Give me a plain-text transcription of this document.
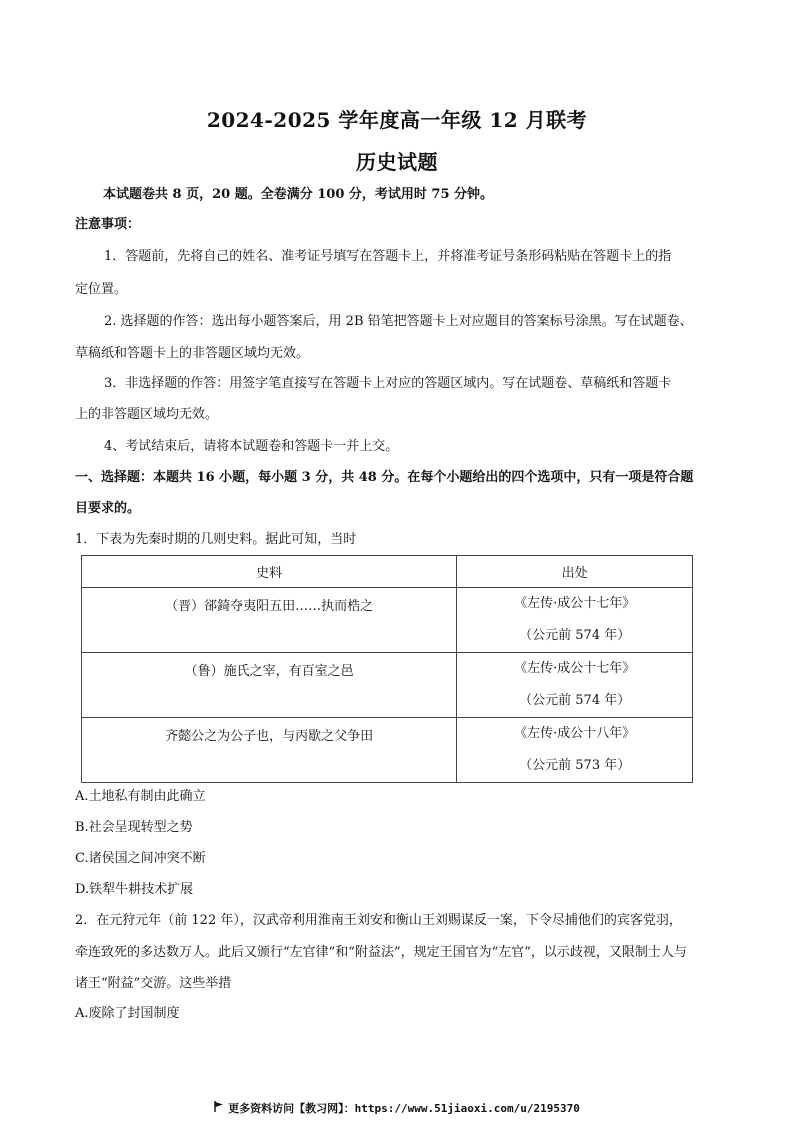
2024-2025 学年度高一年级 12 月联考
历史试题
本试题卷共 8 页，20 题。全卷满分 100 分，考试用时 75 分钟。
注意事项：
1．答题前，先将自己的姓名、准考证号填写在答题卡上，并将准考证号条形码粘贴在答题卡上的指
定位置。
2. 选择题的作答：选出每小题答案后，用 2B 铅笔把答题卡上对应题目的答案标号涂黑。写在试题卷、
草稿纸和答题卡上的非答题区域均无效。
3．非选择题的作答：用签字笔直接写在答题卡上对应的答题区域内。写在试题卷、草稿纸和答题卡
上的非答题区域均无效。
4、考试结束后，请将本试题卷和答题卡一并上交。
一、选择题：本题共 16 小题，每小题 3 分，共 48 分。在每个小题给出的四个选项中，只有一项是符合题
目要求的。
1．下表为先秦时期的几则史料。据此可知，当时
史料	出处

（晋）郤錡夺夷阳五田……执而梏之	《左传·成公十七年》
（公元前 574 年）

（鲁）施氏之宰，有百室之邑	《左传·成公十七年》
（公元前 574 年）

齐懿公之为公子也，与丙歇之父争田	《左传·成公十八年》
（公元前 573 年）
A.土地私有制由此确立
B.社会呈现转型之势
C.诸侯国之间冲突不断
D.铁犁牛耕技术扩展
2．在元狩元年（前 122 年），汉武帝利用淮南王刘安和衡山王刘赐谋反一案，下令尽捕他们的宾客党羽，
牵连致死的多达数万人。此后又颁行“左官律”和“附益法”，规定王国官为“左官”，以示歧视，又限制士人与
诸王“附益”交游。这些举措
A.废除了封国制度
更多资料访问【教习网】：https://www.51jiaoxi.com/u/2195370
